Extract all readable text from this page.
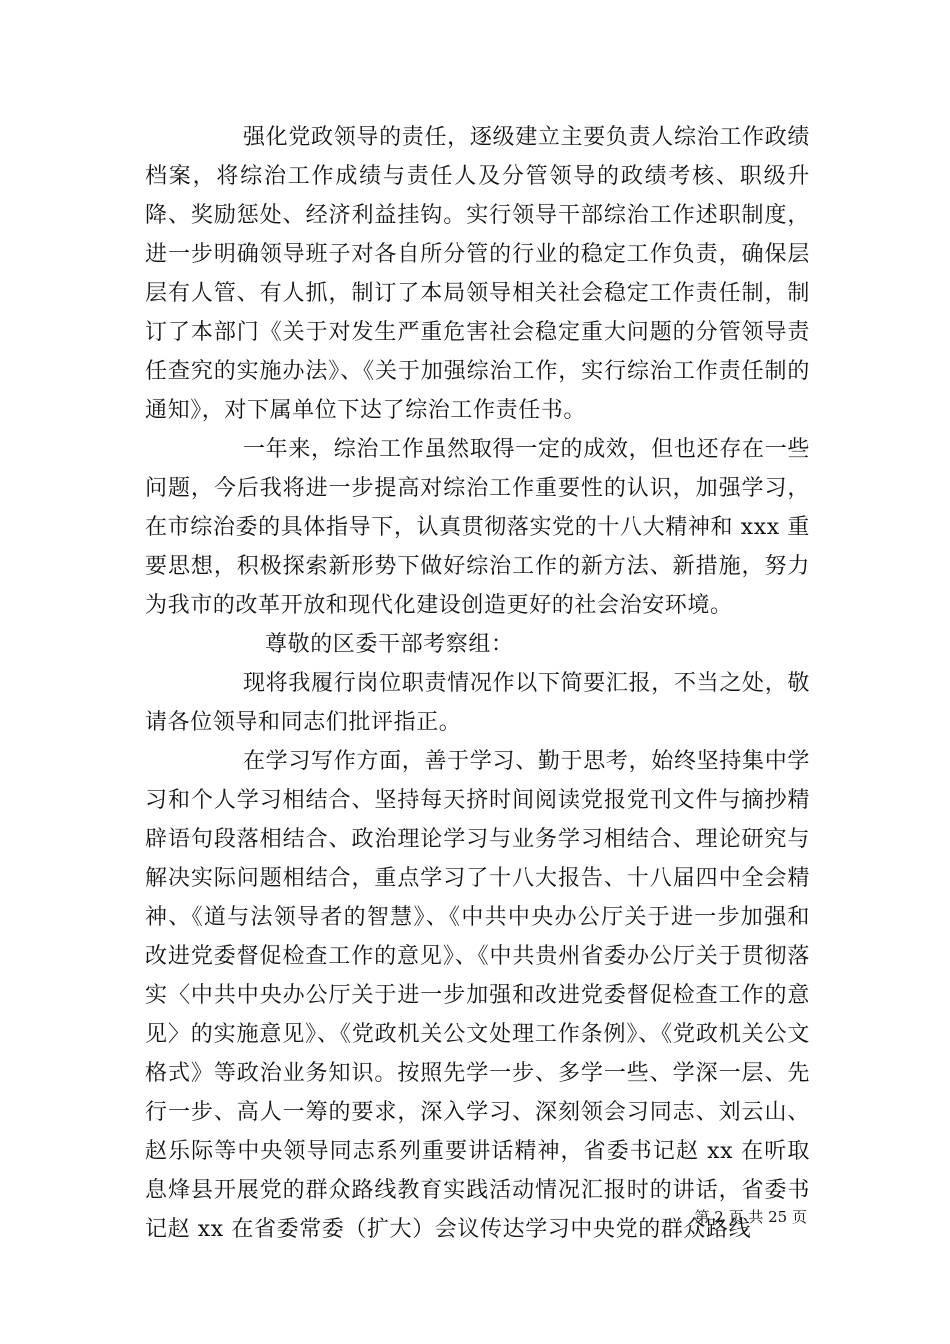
强化党政领导的责任，逐级建立主要负责人综治工作政绩档案，将综治工作成绩与责任人及分管领导的政绩考核、职级升降、奖励惩处、经济利益挂钩。实行领导干部综治工作述职制度，进一步明确领导班子对各自所分管的行业的稳定工作负责，确保层层有人管、有人抓，制订了本局领导相关社会稳定工作责任制，制订了本部门《关于对发生严重危害社会稳定重大问题的分管领导责任查究的实施办法》、《关于加强综治工作，实行综治工作责任制的通知》，对下属单位下达了综治工作责任书。

一年来，综治工作虽然取得一定的成效，但也还存在一些问题，今后我将进一步提高对综治工作重要性的认识，加强学习，在市综治委的具体指导下，认真贯彻落实党的十八大精神和 xxx 重要思想，积极探索新形势下做好综治工作的新方法、新措施，努力为我市的改革开放和现代化建设创造更好的社会治安环境。

尊敬的区委干部考察组：

现将我履行岗位职责情况作以下简要汇报，不当之处，敬请各位领导和同志们批评指正。

在学习写作方面，善于学习、勤于思考，始终坚持集中学习和个人学习相结合、坚持每天挤时间阅读党报党刊文件与摘抄精辟语句段落相结合、政治理论学习与业务学习相结合、理论研究与解决实际问题相结合，重点学习了十八大报告、十八届四中全会精神、《道与法领导者的智慧》、《中共中央办公厅关于进一步加强和改进党委督促检查工作的意见》、《中共贵州省委办公厅关于贯彻落实〈中共中央办公厅关于进一步加强和改进党委督促检查工作的意见〉的实施意见》、《党政机关公文处理工作条例》、《党政机关公文格式》等政治业务知识。按照先学一步、多学一些、学深一层、先行一步、高人一筹的要求，深入学习、深刻领会习同志、刘云山、赵乐际等中央领导同志系列重要讲话精神，省委书记赵 xx 在听取息烽县开展党的群众路线教育实践活动情况汇报时的讲话，省委书记赵 xx 在省委常委（扩大）会议传达学习中央党的群众路线

第 2 页 共 25 页
